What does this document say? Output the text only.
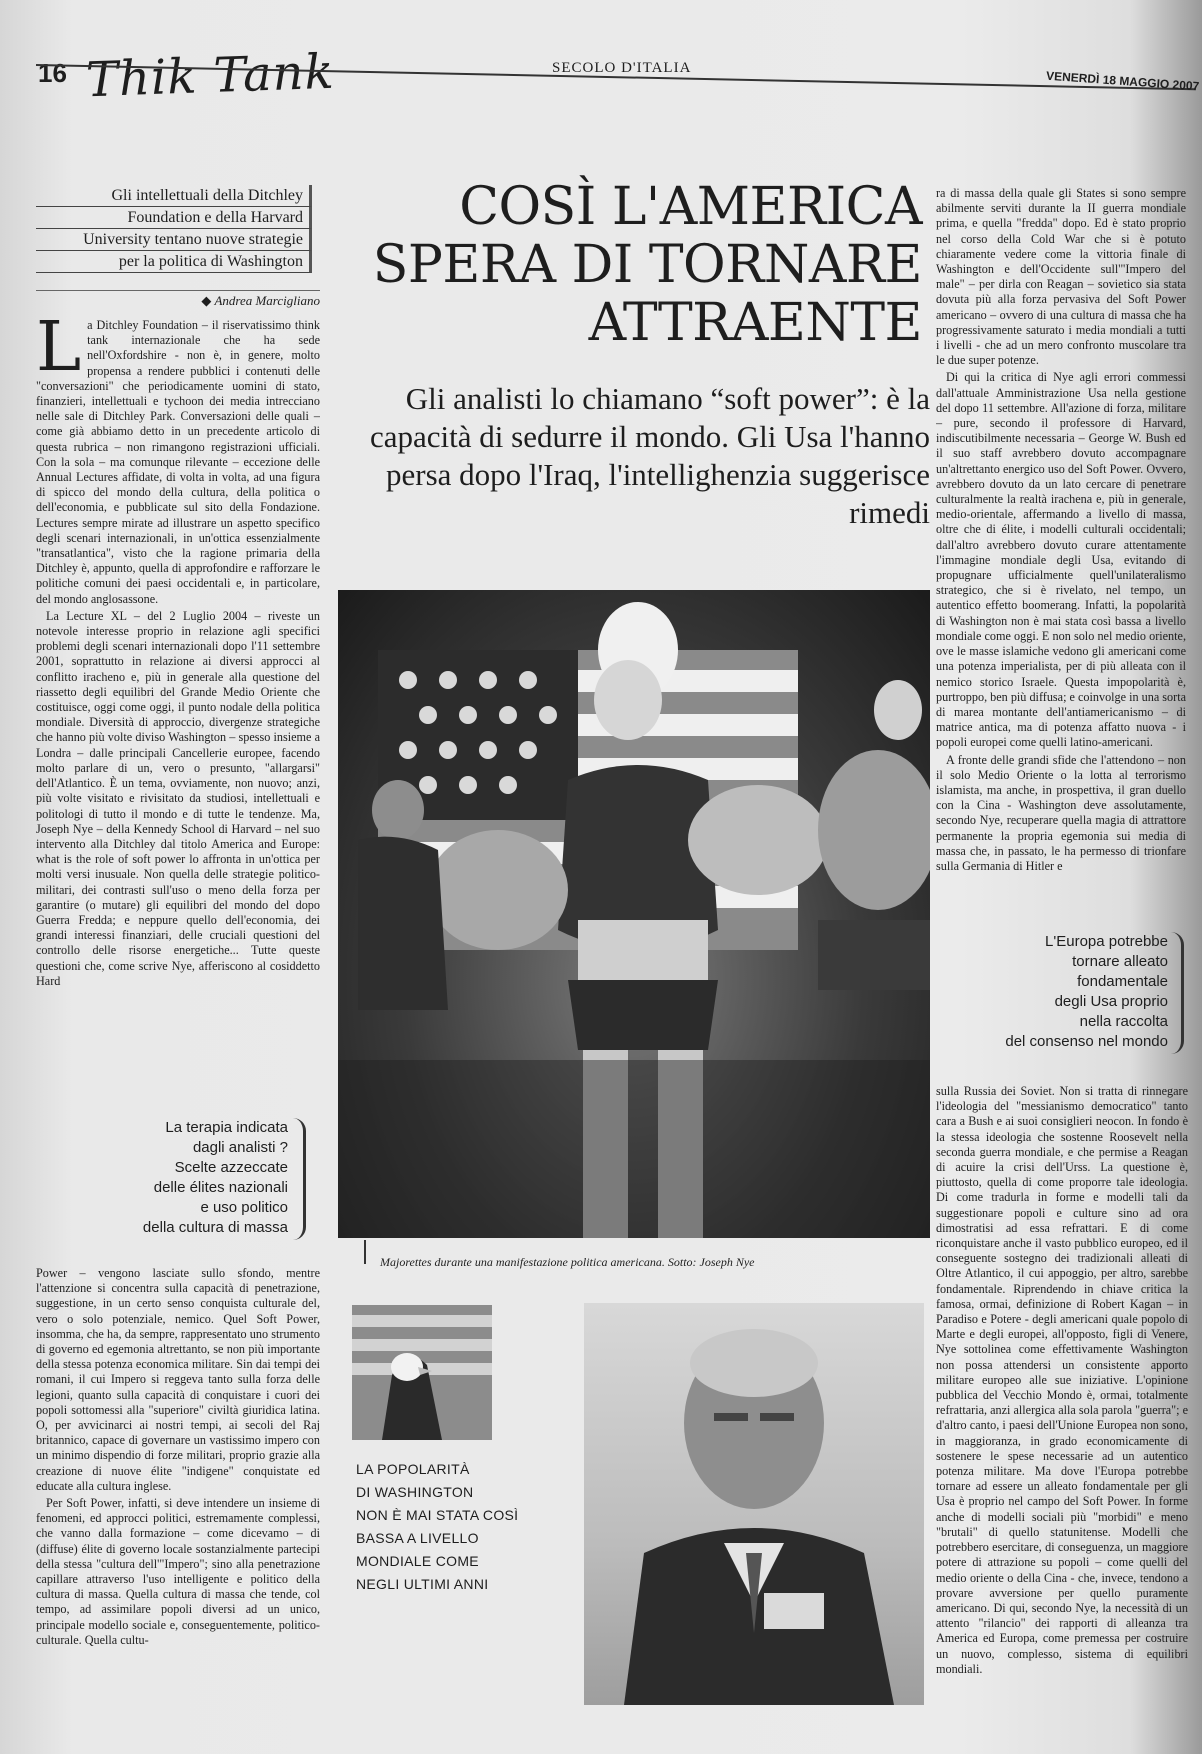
16 Thik Tank	SECOLO D'ITALIA
VENERDÌ 18 MAGGIO 2007
Gli intellettuali della Ditchley
Foundation e della Harvard
University tentano nuove strategie
per la politica di Washington
◆ Andrea Marcigliano
L a Ditchley Foundation – il riservatissimo think tank internazionale che ha sede nell'Oxfordshire - non è, in genere, molto propensa a rendere pubblici i contenuti delle "conversazioni" che periodicamente uomini di stato, finanzieri, intellettuali e tychoon dei media intrecciano nelle sale di Ditchley Park. Conversazioni delle quali – come già abbiamo detto in un precedente articolo di questa rubrica – non rimangono registrazioni ufficiali. Con la sola – ma comunque rilevante – eccezione delle Annual Lectures affidate, di volta in volta, ad una figura di spicco del mondo della cultura, della politica o dell'economia, e pubblicate sul sito della Fondazione. Lectures sempre mirate ad illustrare un aspetto specifico degli scenari internazionali, in un'ottica essenzialmente "transatlantica", visto che la ragione primaria della Ditchley è, appunto, quella di approfondire e rafforzare le politiche comuni dei paesi occidentali e, in particolare, del mondo anglosassone.

La Lecture XL – del 2 Luglio 2004 – riveste un notevole interesse proprio in relazione agli specifici problemi degli scenari internazionali dopo l'11 settembre 2001, soprattutto in relazione ai diversi approcci al conflitto iracheno e, più in generale alla questione del riassetto degli equilibri del Grande Medio Oriente che costituisce, oggi come oggi, il punto nodale della politica mondiale. Diversità di approccio, divergenze strategiche che hanno più volte diviso Washington – spesso insieme a Londra – dalle principali Cancellerie europee, facendo molto parlare di un, vero o presunto, "allargarsi" dell'Atlantico. È un tema, ovviamente, non nuovo; anzi, più volte visitato e rivisitato da studiosi, intellettuali e politologi di tutto il mondo e di tutte le tendenze. Ma, Joseph Nye – della Kennedy School di Harvard – nel suo intervento alla Ditchley dal titolo America and Europe: what is the role of soft power lo affronta in un'ottica per molti versi inusuale. Non quella delle strategie politico-militari, dei contrasti sull'uso o meno della forza per garantire (o mutare) gli equilibri del mondo del dopo Guerra Fredda; e neppure quello dell'economia, dei grandi interessi finanziari, delle cruciali questioni del controllo delle risorse energetiche... Tutte queste questioni che, come scrive Nye, afferiscono al cosiddetto Hard

La terapia indicata
dagli analisti ?
Scelte azzeccate
delle élites nazionali
e uso politico
della cultura di massa

Power – vengono lasciate sullo sfondo, mentre l'attenzione si concentra sulla capacità di penetrazione, suggestione, in un certo senso conquista culturale del, vero o solo potenziale, nemico. Quel Soft Power, insomma, che ha, da sempre, rappresentato uno strumento di governo ed egemonia altrettanto, se non più importante della stessa potenza economica militare. Sin dai tempi dei romani, il cui Impero si reggeva tanto sulla forza delle legioni, quanto sulla capacità di conquistare i cuori dei popoli sottomessi alla "superiore" civiltà giuridica latina. O, per avvicinarci ai nostri tempi, ai secoli del Raj britannico, capace di governare un vastissimo impero con un minimo dispendio di forze militari, proprio grazie alla creazione di nuove élite "indigene" conquistate ed educate alla cultura inglese.

Per Soft Power, infatti, si deve intendere un insieme di fenomeni, ed approcci politici, estremamente complessi, che vanno dalla formazione – come dicevamo – di (diffuse) élite di governo locale sostanzialmente partecipi della stessa "cultura dell'"Impero"; sino alla penetrazione capillare attraverso l'uso intelligente e politico della cultura di massa. Quella cultura di massa che tende, col tempo, ad assimilare popoli diversi ad un unico, principale modello sociale e, conseguentemente, politico-culturale. Quella cultu-

COSÌ L'AMERICA SPERA DI TORNARE ATTRAENTE
Gli analisti lo chiamano “soft power”: è la capacità di sedurre il mondo. Gli Usa l'hanno persa dopo l'Iraq, l'intellighenzia suggerisce rimedi
Majorettes durante una manifestazione politica americana. Sotto: Joseph Nye
LA POPOLARITÀ
DI WASHINGTON
NON È MAI STATA COSÌ
BASSA A LIVELLO
MONDIALE COME
NEGLI ULTIMI ANNI

ra di massa della quale gli States si sono sempre abilmente serviti durante la II guerra mondiale prima, e quella "fredda" dopo. Ed è stato proprio nel corso della Cold War che si è potuto chiaramente vedere come la vittoria finale di Washington e dell'Occidente sull'"Impero del male" – per dirla con Reagan – sovietico sia stata dovuta più alla forza pervasiva del Soft Power americano – ovvero di una cultura di massa che ha progressivamente saturato i media mondiali a tutti i livelli - che ad un mero confronto muscolare tra le due super potenze.

Di qui la critica di Nye agli errori commessi dall'attuale Amministrazione Usa nella gestione del dopo 11 settembre. All'azione di forza, militare – pure, secondo il professore di Harvard, indiscutibilmente necessaria – George W. Bush ed il suo staff avrebbero dovuto accompagnare un'altrettanto energico uso del Soft Power. Ovvero, avrebbero dovuto da un lato cercare di penetrare culturalmente la realtà irachena e, più in generale, medio-orientale, affermando a livello di massa, oltre che di élite, i modelli culturali occidentali; dall'altro avrebbero dovuto curare attentamente l'immagine mondiale degli Usa, evitando di propugnare ufficialmente quell'unilateralismo strategico, che si è rivelato, nel tempo, un autentico effetto boomerang. Infatti, la popolarità di Washington non è mai stata così bassa a livello mondiale come oggi. E non solo nel medio oriente, ove le masse islamiche vedono gli americani come una potenza imperialista, per di più alleata con il nemico storico Israele. Questa impopolarità è, purtroppo, ben più diffusa; e coinvolge in una sorta di marea montante dell'antiamericanismo – di matrice antica, ma di potenza affatto nuova - i popoli europei come quelli latino-americani.

A fronte delle grandi sfide che l'attendono – non il solo Medio Oriente o la lotta al terrorismo islamista, ma anche, in prospettiva, il gran duello con la Cina - Washington deve assolutamente, secondo Nye, recuperare quella magia di attrattore permanente la propria egemonia sui media di massa che, in passato, le ha permesso di trionfare sulla Germania di Hitler e

L'Europa potrebbe
tornare alleato
fondamentale
degli Usa proprio
nella raccolta
del consenso nel mondo

sulla Russia dei Soviet. Non si tratta di rinnegare l'ideologia del "messianismo democratico" tanto cara a Bush e ai suoi consiglieri neocon. In fondo è la stessa ideologia che sostenne Roosevelt nella seconda guerra mondiale, e che permise a Reagan di acuire la crisi dell'Urss. La questione è, piuttosto, quella di come proporre tale ideologia. Di come tradurla in forme e modelli tali da suggestionare popoli e culture sino ad ora dimostratisi ad essa refrattari. E di come riconquistare anche il vasto pubblico europeo, ed il conseguente sostegno dei tradizionali alleati di Oltre Atlantico, il cui appoggio, per altro, sarebbe fondamentale. Riprendendo in chiave critica la famosa, ormai, definizione di Robert Kagan – in Paradiso e Potere - degli americani quale popolo di Marte e degli europei, all'opposto, figli di Venere, Nye sottolinea come effettivamente Washington non possa attendersi un consistente apporto militare europeo alle sue iniziative. L'opinione pubblica del Vecchio Mondo è, ormai, totalmente refrattaria, anzi allergica alla sola parola "guerra"; e d'altro canto, i paesi dell'Unione Europea non sono, in maggioranza, in grado economicamente di sostenere le spese necessarie ad un autentico potenza militare. Ma dove l'Europa potrebbe tornare ad essere un alleato fondamentale per gli Usa è proprio nel campo del Soft Power. In forme anche di modelli sociali più "morbidi" e meno "brutali" di quello statunitense. Modelli che potrebbero esercitare, di conseguenza, un maggiore potere di attrazione su popoli – come quelli del medio oriente o della Cina - che, invece, tendono a provare avversione per quello puramente americano. Di qui, secondo Nye, la necessità di un attento "rilancio" dei rapporti di alleanza tra America ed Europa, come premessa per costruire un nuovo, complesso, sistema di equilibri mondiali.
